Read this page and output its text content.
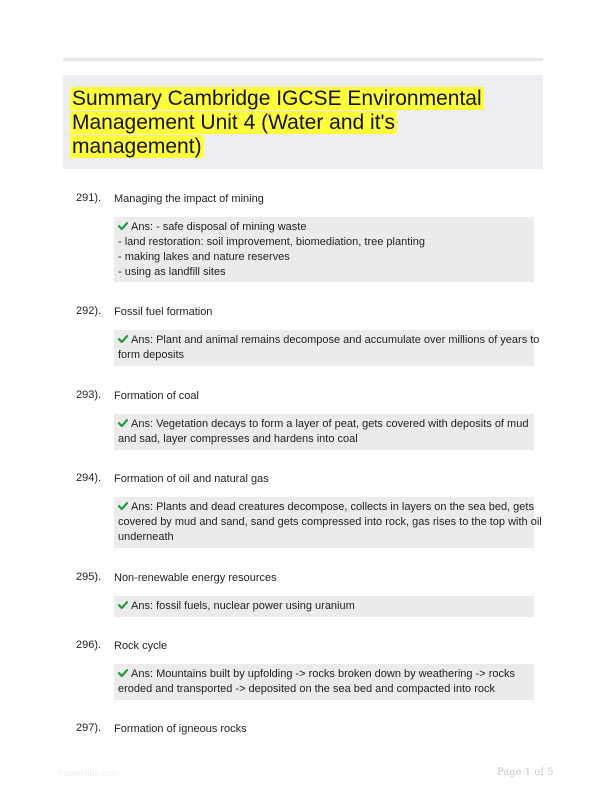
Summary Cambridge IGCSE Environmental Management Unit 4 (Water and it's management)
291). Managing the impact of mining
Ans: - safe disposal of mining waste
- land restoration: soil improvement, biomediation, tree planting
- making lakes and nature reserves
- using as landfill sites
292). Fossil fuel formation
Ans: Plant and animal remains decompose and accumulate over millions of years to
form deposits
293). Formation of coal
Ans: Vegetation decays to form a layer of peat, gets covered with deposits of mud
and sad, layer compresses and hardens into coal
294). Formation of oil and natural gas
Ans: Plants and dead creatures decompose, collects in layers on the sea bed, gets
covered by mud and sand, sand gets compressed into rock, gas rises to the top with oil
underneath
295). Non-renewable energy resources
Ans: fossil fuels, nuclear power using uranium
296). Rock cycle
Ans: Mountains built by upfolding -> rocks broken down by weathering -> rocks
eroded and transported -> deposited on the sea bed and compacted into rock
297). Formation of igneous rocks
PaperNibe.com	Page 1 of 5
